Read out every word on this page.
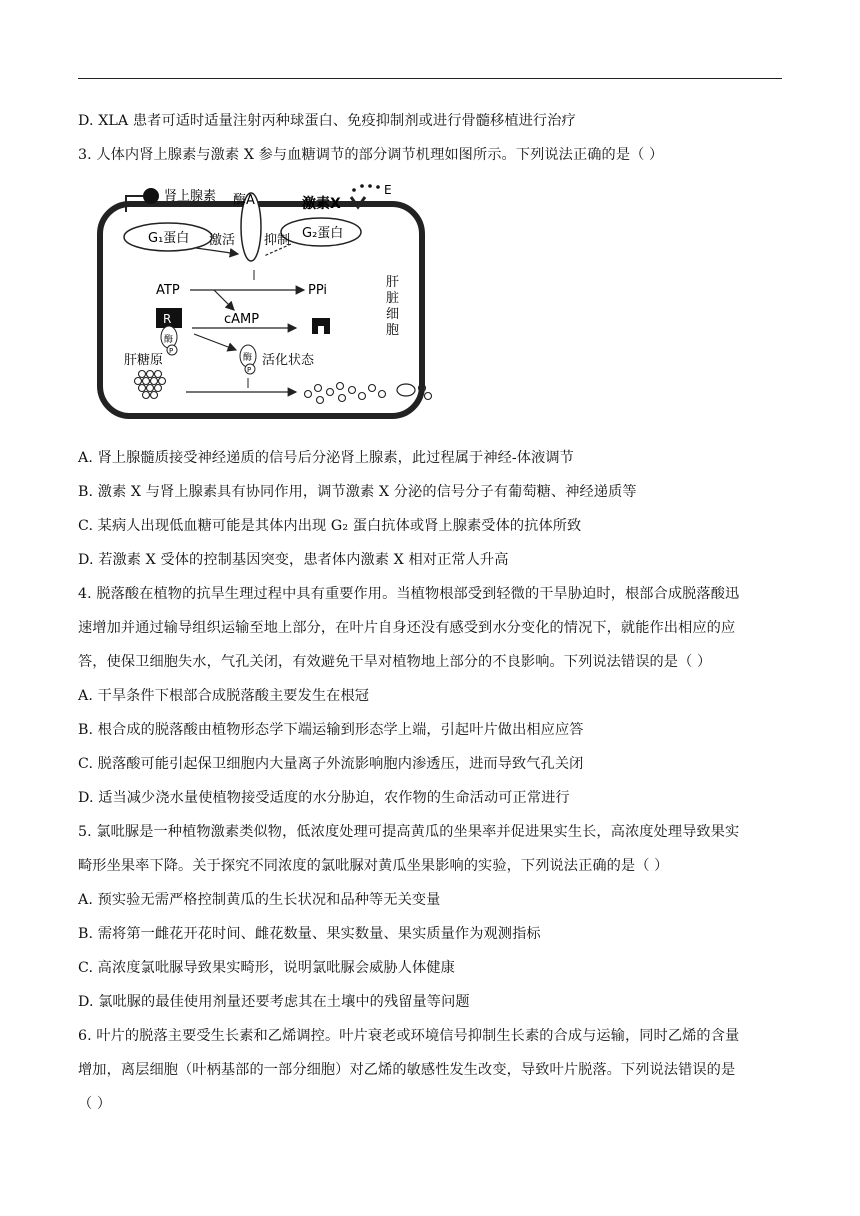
D. XLA 患者可适时适量注射丙种球蛋白、免疫抑制剂或进行骨髓移植进行治疗
3. 人体内肾上腺素与激素 X 参与血糖调节的部分调节机理如图所示。下列说法正确的是（ ）
肾上腺素
G₁蛋白	G₂蛋白
激素X
E
酶A
激活 抑制
ATP	PPi
cAMP
R
酶
P
酶
P
活化状态
肝糖原
肝
脏
细
胞
A. 肾上腺髓质接受神经递质的信号后分泌肾上腺素，此过程属于神经-体液调节
B. 激素 X 与肾上腺素具有协同作用，调节激素 X 分泌的信号分子有葡萄糖、神经递质等
C. 某病人出现低血糖可能是其体内出现 G₂ 蛋白抗体或肾上腺素受体的抗体所致
D. 若激素 X 受体的控制基因突变，患者体内激素 X 相对正常人升高
4. 脱落酸在植物的抗旱生理过程中具有重要作用。当植物根部受到轻微的干旱胁迫时，根部合成脱落酸迅
速增加并通过输导组织运输至地上部分，在叶片自身还没有感受到水分变化的情况下，就能作出相应的应
答，使保卫细胞失水，气孔关闭，有效避免干旱对植物地上部分的不良影响。下列说法错误的是（ ）
A. 干旱条件下根部合成脱落酸主要发生在根冠
B. 根合成的脱落酸由植物形态学下端运输到形态学上端，引起叶片做出相应应答
C. 脱落酸可能引起保卫细胞内大量离子外流影响胞内渗透压，进而导致气孔关闭
D. 适当减少浇水量使植物接受适度的水分胁迫，农作物的生命活动可正常进行
5. 氯吡脲是一种植物激素类似物，低浓度处理可提高黄瓜的坐果率并促进果实生长，高浓度处理导致果实
畸形坐果率下降。关于探究不同浓度的氯吡脲对黄瓜坐果影响的实验，下列说法正确的是（ ）
A. 预实验无需严格控制黄瓜的生长状况和品种等无关变量
B. 需将第一雌花开花时间、雌花数量、果实数量、果实质量作为观测指标
C. 高浓度氯吡脲导致果实畸形，说明氯吡脲会威胁人体健康
D. 氯吡脲的最佳使用剂量还要考虑其在土壤中的残留量等问题
6. 叶片的脱落主要受生长素和乙烯调控。叶片衰老或环境信号抑制生长素的合成与运输，同时乙烯的含量
增加，离层细胞（叶柄基部的一部分细胞）对乙烯的敏感性发生改变，导致叶片脱落。下列说法错误的是
（ ）
